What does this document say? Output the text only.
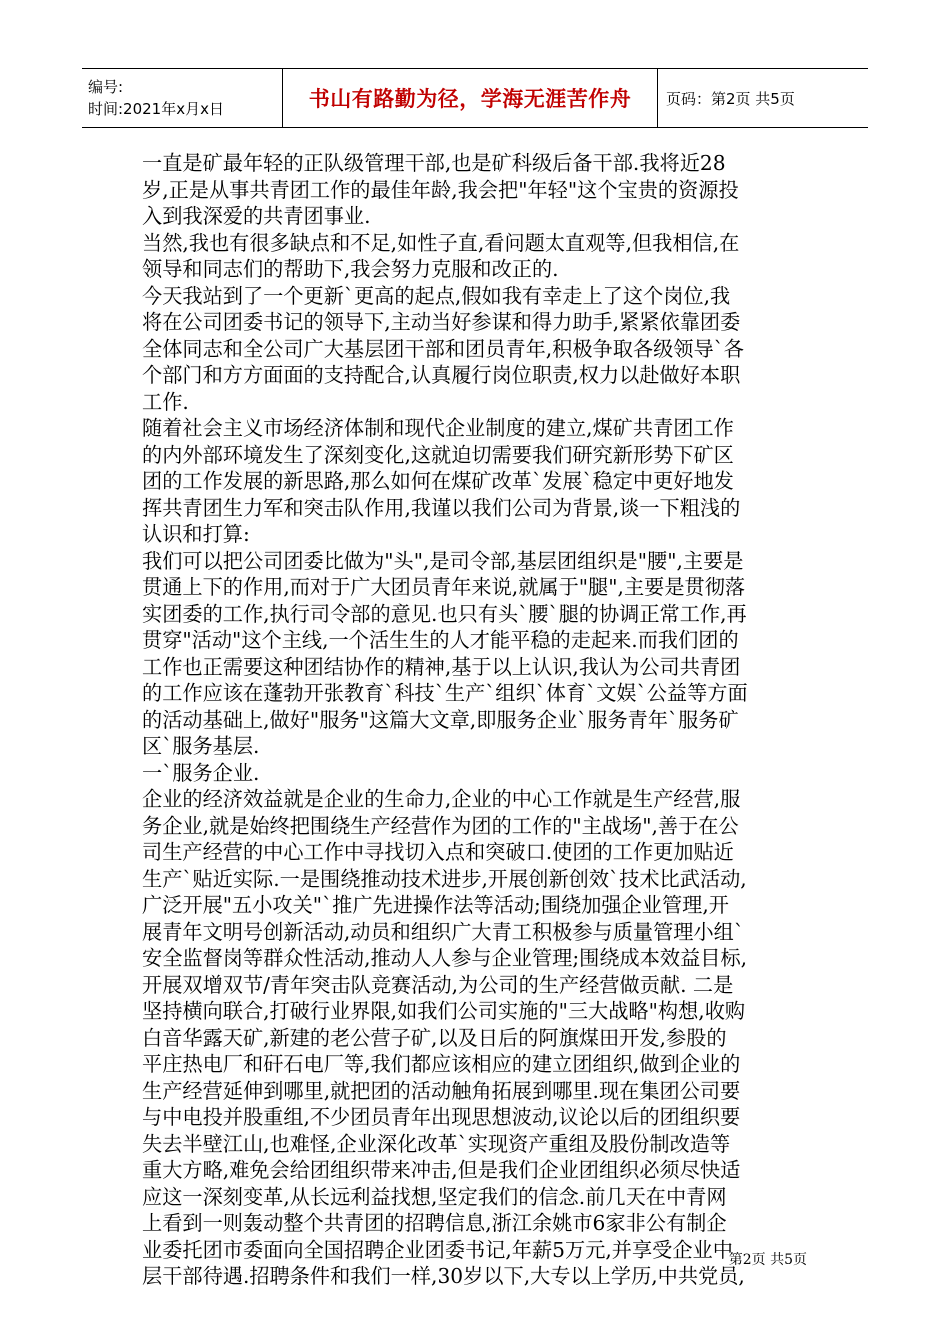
编号:
时间:2021年x月x日	书山有路勤为径，学海无涯苦作舟	页码：第2页 共5页
一直是矿最年轻的正队级管理干部,也是矿科级后备干部.我将近28
岁,正是从事共青团工作的最佳年龄,我会把"年轻"这个宝贵的资源投
入到我深爱的共青团事业.
当然,我也有很多缺点和不足,如性子直,看问题太直观等,但我相信,在
领导和同志们的帮助下,我会努力克服和改正的.
今天我站到了一个更新`更高的起点,假如我有幸走上了这个岗位,我
将在公司团委书记的领导下,主动当好参谋和得力助手,紧紧依靠团委
全体同志和全公司广大基层团干部和团员青年,积极争取各级领导`各
个部门和方方面面的支持配合,认真履行岗位职责,权力以赴做好本职
工作.
随着社会主义市场经济体制和现代企业制度的建立,煤矿共青团工作
的内外部环境发生了深刻变化,这就迫切需要我们研究新形势下矿区
团的工作发展的新思路,那么如何在煤矿改革`发展`稳定中更好地发
挥共青团生力军和突击队作用,我谨以我们公司为背景,谈一下粗浅的
认识和打算:
我们可以把公司团委比做为"头",是司令部,基层团组织是"腰",主要是
贯通上下的作用,而对于广大团员青年来说,就属于"腿",主要是贯彻落
实团委的工作,执行司令部的意见.也只有头`腰`腿的协调正常工作,再
贯穿"活动"这个主线,一个活生生的人才能平稳的走起来.而我们团的
工作也正需要这种团结协作的精神,基于以上认识,我认为公司共青团
的工作应该在蓬勃开张教育`科技`生产`组织`体育`文娱`公益等方面
的活动基础上,做好"服务"这篇大文章,即服务企业`服务青年`服务矿
区`服务基层.
一`服务企业.
企业的经济效益就是企业的生命力,企业的中心工作就是生产经营,服
务企业,就是始终把围绕生产经营作为团的工作的"主战场",善于在公
司生产经营的中心工作中寻找切入点和突破口.使团的工作更加贴近
生产`贴近实际.一是围绕推动技术进步,开展创新创效`技术比武活动,
广泛开展"五小攻关"`推广先进操作法等活动;围绕加强企业管理,开
展青年文明号创新活动,动员和组织广大青工积极参与质量管理小组`
安全监督岗等群众性活动,推动人人参与企业管理;围绕成本效益目标,
开展双增双节/青年突击队竞赛活动,为公司的生产经营做贡献. 二是
坚持横向联合,打破行业界限,如我们公司实施的"三大战略"构想,收购
白音华露天矿,新建的老公营子矿,以及日后的阿旗煤田开发,参股的
平庄热电厂和矸石电厂等,我们都应该相应的建立团组织,做到企业的
生产经营延伸到哪里,就把团的活动触角拓展到哪里.现在集团公司要
与中电投并股重组,不少团员青年出现思想波动,议论以后的团组织要
失去半壁江山,也难怪,企业深化改革`实现资产重组及股份制改造等
重大方略,难免会给团组织带来冲击,但是我们企业团组织必须尽快适
应这一深刻变革,从长远利益找想,坚定我们的信念.前几天在中青网
上看到一则轰动整个共青团的招聘信息,浙江余姚市6家非公有制企
业委托团市委面向全国招聘企业团委书记,年薪5万元,并享受企业中
层干部待遇.招聘条件和我们一样,30岁以下,大专以上学历,中共党员,
第2页 共5页
